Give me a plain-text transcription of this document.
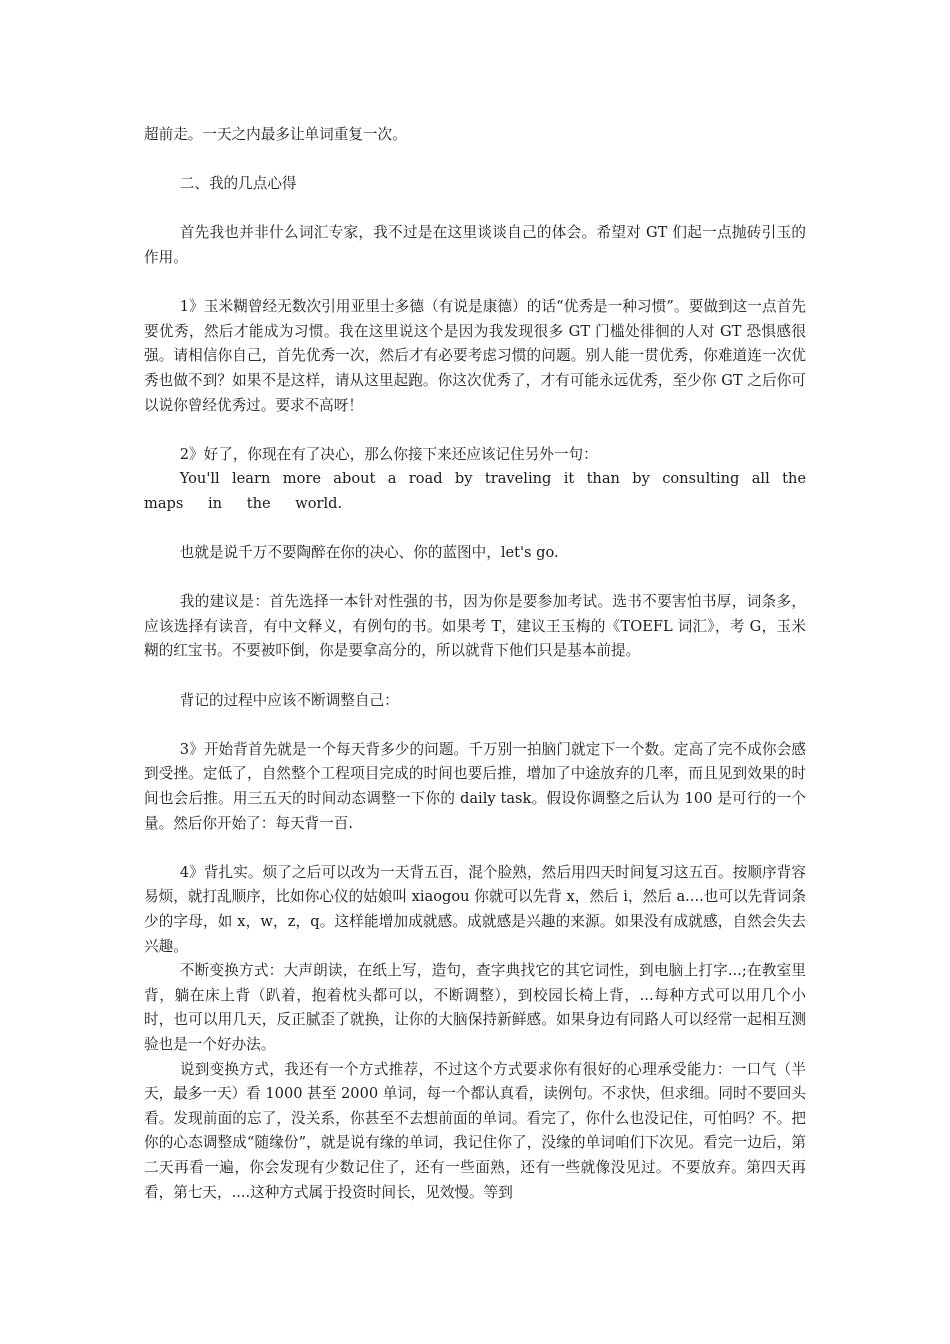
超前走。一天之内最多让单词重复一次。

二、我的几点心得

首先我也并非什么词汇专家，我不过是在这里谈谈自己的体会。希望对 GT 们起一点抛砖引玉的作用。

1》玉米糊曾经无数次引用亚里士多德（有说是康德）的话“优秀是一种习惯”。要做到这一点首先要优秀，然后才能成为习惯。我在这里说这个是因为我发现很多 GT 门槛处徘徊的人对 GT 恐惧感很强。请相信你自己，首先优秀一次，然后才有必要考虑习惯的问题。别人能一贯优秀，你难道连一次优秀也做不到？如果不是这样，请从这里起跑。你这次优秀了，才有可能永远优秀，至少你 GT 之后你可以说你曾经优秀过。要求不高呀！

2》好了，你现在有了决心，那么你接下来还应该记住另外一句：

You'll learn more about a road by traveling it than by consulting all the

maps in the world.

也就是说千万不要陶醉在你的决心、你的蓝图中，let's go.

我的建议是：首先选择一本针对性强的书，因为你是要参加考试。选书不要害怕书厚，词条多，应该选择有读音，有中文释义，有例句的书。如果考 T，建议王玉梅的《TOEFL 词汇》，考 G，玉米糊的红宝书。不要被吓倒，你是要拿高分的，所以就背下他们只是基本前提。

背记的过程中应该不断调整自己：

3》开始背首先就是一个每天背多少的问题。千万别一拍脑门就定下一个数。定高了完不成你会感到受挫。定低了，自然整个工程项目完成的时间也要后推，增加了中途放弃的几率，而且见到效果的时间也会后推。用三五天的时间动态调整一下你的 daily task。假设你调整之后认为 100 是可行的一个量。然后你开始了：每天背一百.

4》背扎实。烦了之后可以改为一天背五百，混个脸熟，然后用四天时间复习这五百。按顺序背容易烦，就打乱顺序，比如你心仪的姑娘叫 xiaogou 你就可以先背 x，然后 i，然后 a....也可以先背词条少的字母，如 x，w，z，q。这样能增加成就感。成就感是兴趣的来源。如果没有成就感，自然会失去兴趣。

不断变换方式：大声朗读，在纸上写，造句，查字典找它的其它词性，到电脑上打字...;在教室里背，躺在床上背（趴着，抱着枕头都可以，不断调整），到校园长椅上背，...每种方式可以用几个小时，也可以用几天，反正腻歪了就换，让你的大脑保持新鲜感。如果身边有同路人可以经常一起相互测验也是一个好办法。

说到变换方式，我还有一个方式推荐，不过这个方式要求你有很好的心理承受能力：一口气（半天，最多一天）看 1000 甚至 2000 单词，每一个都认真看，读例句。不求快，但求细。同时不要回头看。发现前面的忘了，没关系，你甚至不去想前面的单词。看完了，你什么也没记住，可怕吗？不。把你的心态调整成“随缘份”，就是说有缘的单词，我记住你了，没缘的单词咱们下次见。看完一边后，第二天再看一遍，你会发现有少数记住了，还有一些面熟，还有一些就像没见过。不要放弃。第四天再看，第七天，....这种方式属于投资时间长，见效慢。等到
